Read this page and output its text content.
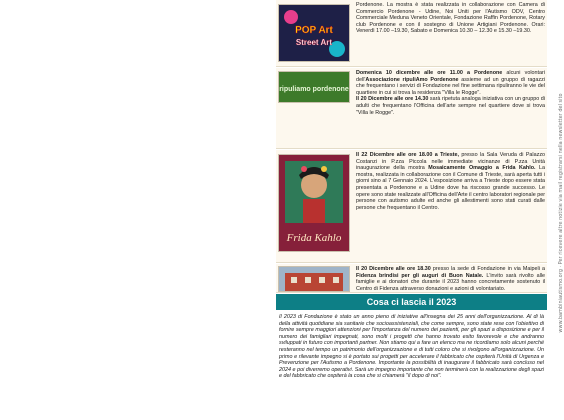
POP Art
Street Art
Pordenone. La mostra è stata realizzata in collaborazione con Camera di Commercio Pordenone - Udine, Noi Uniti per l'Autismo ODV, Centro Commerciale Meduna Veneto Orientale, Fondazione Raffin Pordenone, Rotary club Pordenone e con il sostegno di Unione Artigiani Pordenone. Orari: Venerdì 17.00 –19.30, Sabato e Domenica 10.30 – 12.30 e 15.30 –19.30.
ripuliamo pordenone
Domenica 10 dicembre alle ore 11.00 a Pordenone alcuni volontari dell'Associazione ripuliAmo Pordenone assieme ad un gruppo di ragazzi che frequentano i servizi di Fondazione nel fine settimana ripuliranno le vie del quartiere in cui si trova la residenza "Villa le Rogge".
Il 20 Dicembre alle ore 14.30 sarà ripetuta analoga iniziativa con un gruppo di adulti che frequentano l'Officina dell'arte sempre nel quartiere dove si trova "Villa le Rogge".
Frida Kahlo
Il 22 Dicembre alle ore 18.00 a Trieste, presso la Sala Veruda di Palazzo Costanzi in P.zza Piccola nelle immediate vicinanze di P.zza Unità inaugurazione della mostra Mosaicamente Omaggio a Frida Kahlo. La mostra, realizzata in collaborazione con il Comune di Trieste, sarà aperta tutti i giorni sino al 7 Gennaio 2024. L'esposizione arriva a Trieste dopo essere stata presentata a Pordenone e a Udine dove ha riscosso grande successo. Le opere sono state realizzate all'Officina dell'Arte il centro laboratori regionale per persone con autismo adulte ed anche gli allestimenti sono stati curati dalle persone che frequentano il Centro.
Il 20 Dicembre alle ore 18.30 presso la sede di Fondazione in via Maipeli a Fidenza brindisi per gli auguri di Buon Natale. L'invito sarà rivolto alle famiglie e ai donatori che durante il 2023 hanno concretamente sostenuto il Centro di Fidenza attraverso donazioni e azioni di volontariato.
Cosa ci lascia il 2023
Il 2023 di Fondazione è stato un anno pieno di iniziative all'insegna dei 25 anni dell'organizzazione. Al di là della attività quotidiane sia sanitarie che socioassistenziali, che come sempre, sono state rese con l'obiettivo di fornire sempre maggiori attenzioni per l'importanza del numero dei pazienti, per gli spazi a disposizione e per il numero dei famigliari impegnati, sono molti i progetti che hanno trovato esito favorevole e che andranno sviluppati in futuro con importanti partner. Non stiamo qui a fare un elenco ma ne ricordiamo solo alcuni perché resteranno nel tempo un patrimonio dell'organizzazione e di tutti coloro che si rivolgono all'organizzazione. Un primo e rilevante impegno si è portato sui progetti per accelerare il fabbricato che ospiterà l'Unità di Urgenza e Prevenzione per l'Autismo a Pordenone. Importante la possibilità di inaugurare il fabbricato sarà concluso nel 2024 e poi diverremo operativi. Sarà un impegno importante che non terminerà con la realizzazione degli spazi e del fabbricato che ospiterà la cosa che si chiamerà "il dopo di noi".
www.bambiniautismo.org · Per ricevere altre notizie via mail registrarsi nella newsletter del sito
